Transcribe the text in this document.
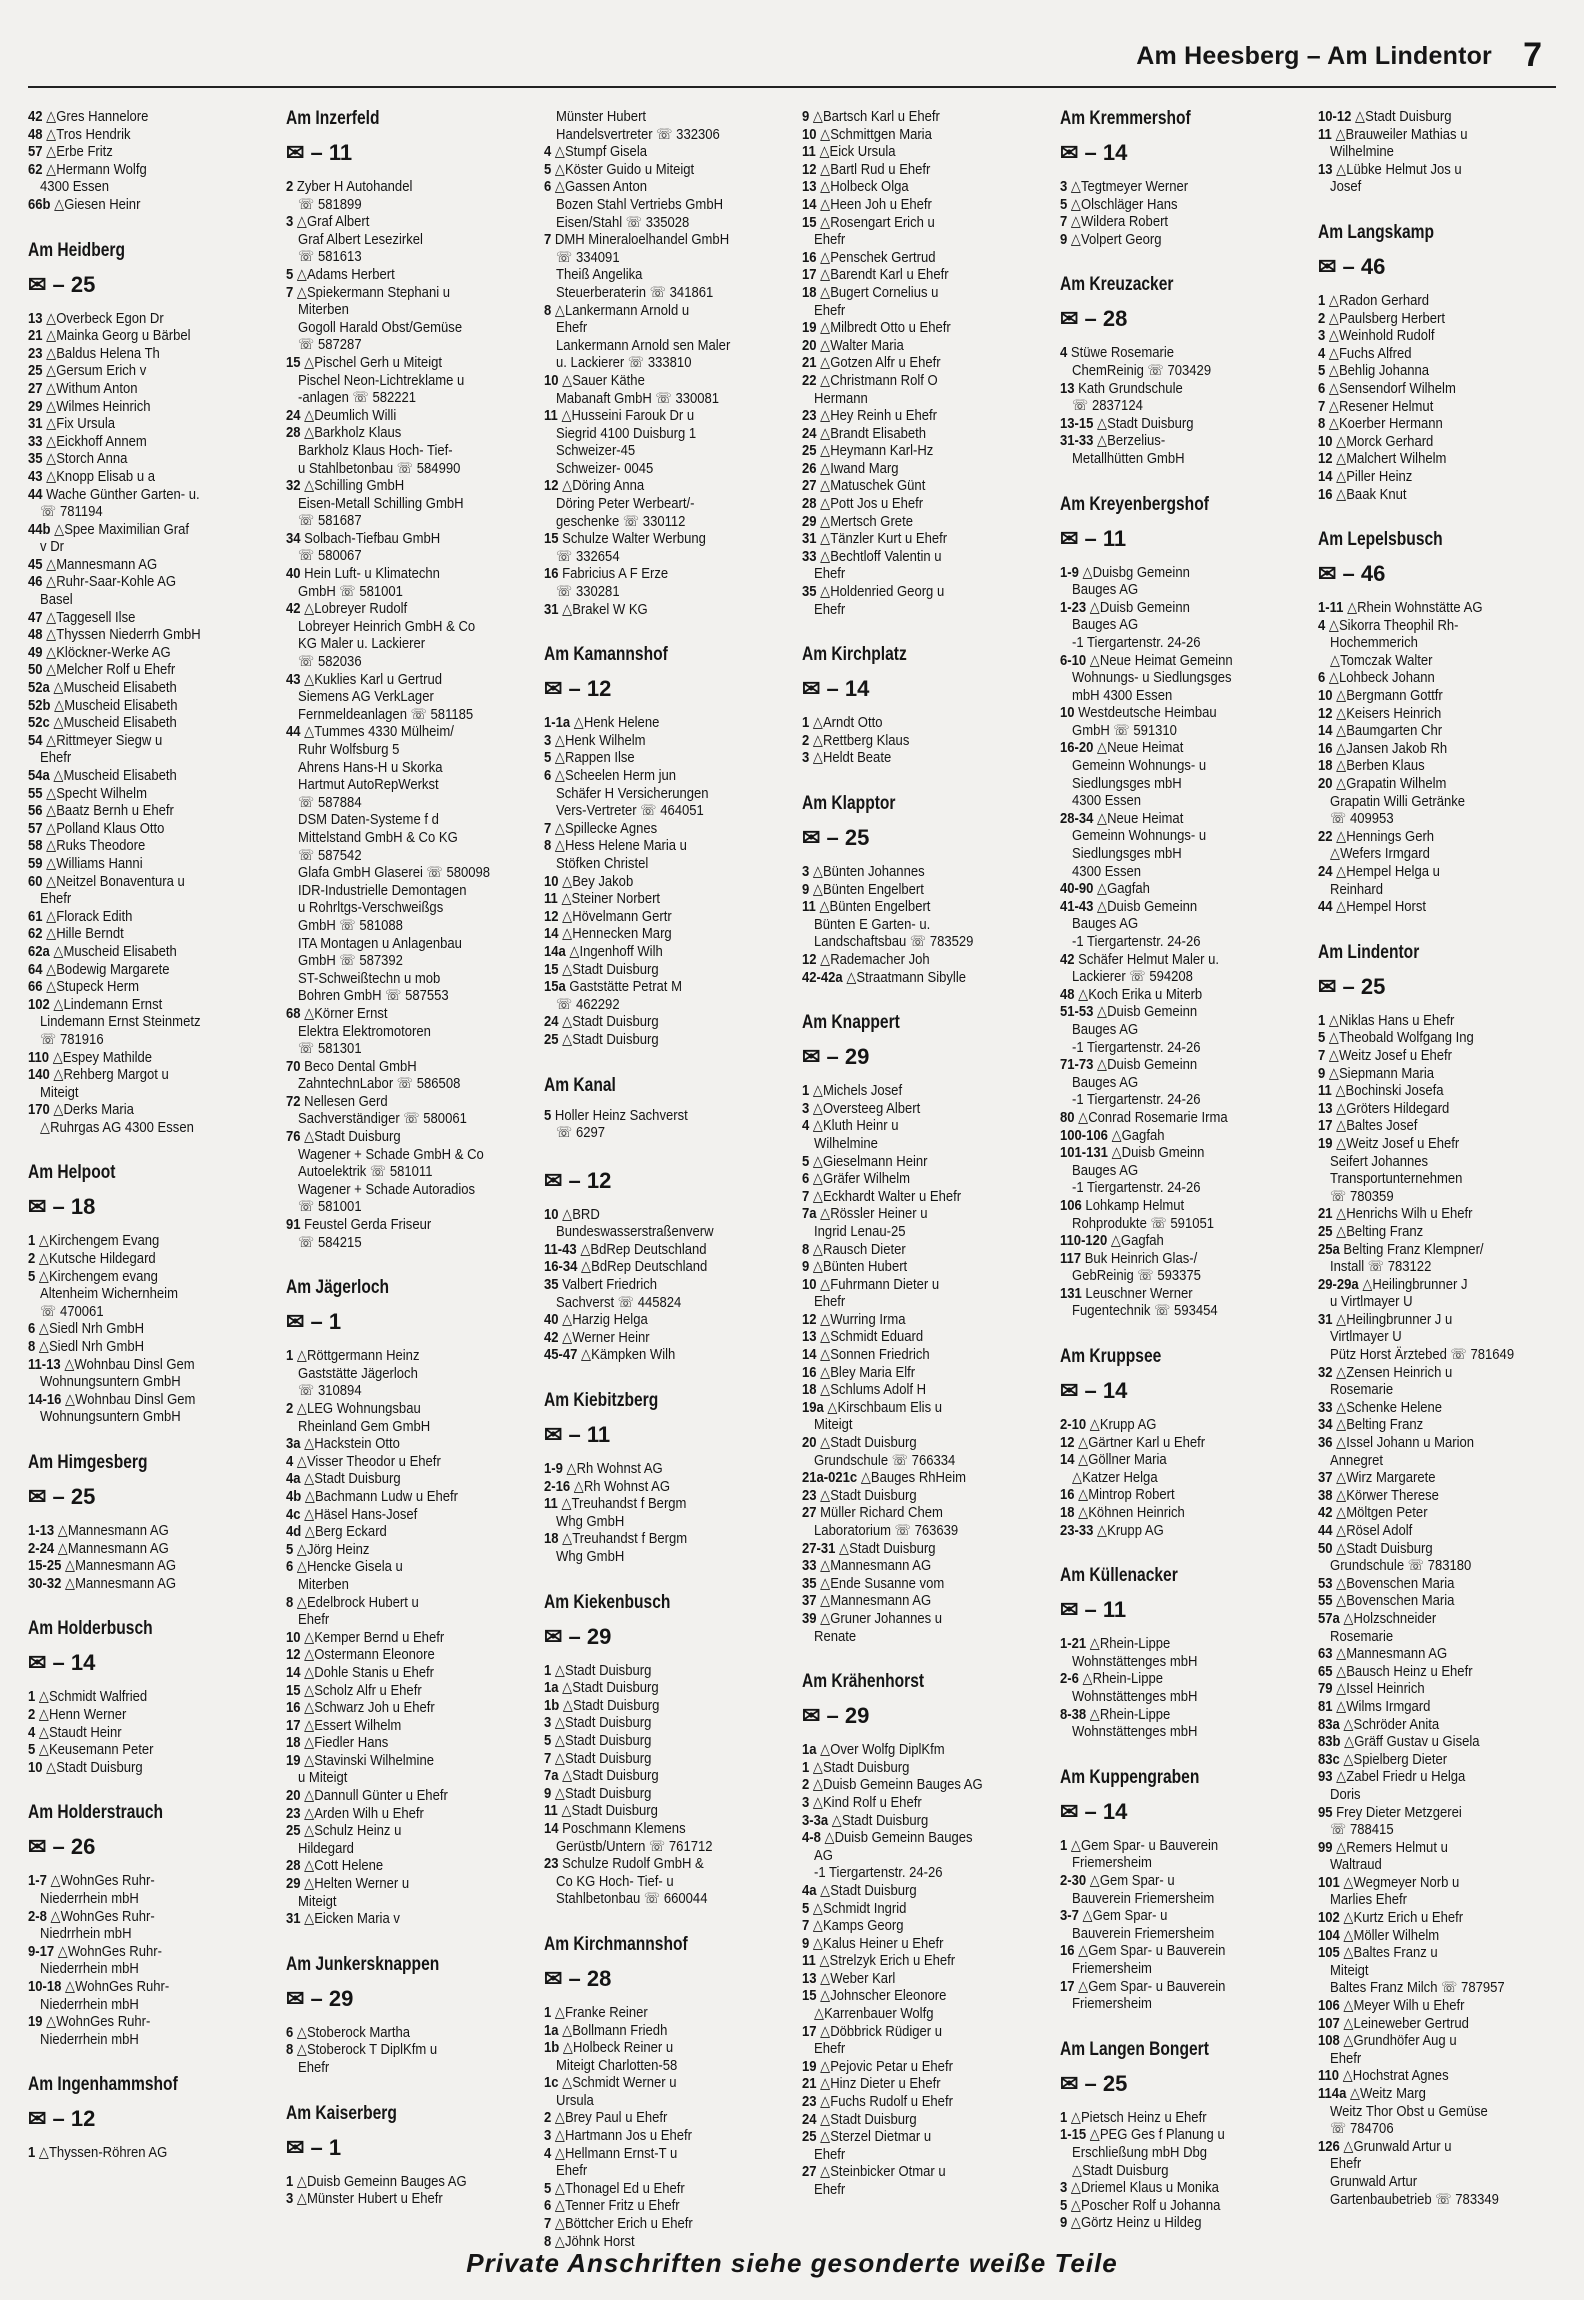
Am Heesberg – Am Lindentor 7
42 △Gres Hannelore
48 △Tros Hendrik
57 △Erbe Fritz
62 △Hermann Wolfg
4300 Essen
66b △Giesen Heinr
Am Heidberg
✉ – 25
13 △Overbeck Egon Dr
21 △Mainka Georg u Bärbel
23 △Baldus Helena Th
25 △Gersum Erich v
27 △Withum Anton
29 △Wilmes Heinrich
31 △Fix Ursula
33 △Eickhoff Annem
35 △Storch Anna
43 △Knopp Elisab u a
44 Wache Günther Garten- u.
☏ 781194
44b △Spee Maximilian Graf
v Dr
45 △Mannesmann AG
46 △Ruhr-Saar-Kohle AG
Basel
47 △Taggesell Ilse
48 △Thyssen Niederrh GmbH
49 △Klöckner-Werke AG
50 △Melcher Rolf u Ehefr
52a △Muscheid Elisabeth
52b △Muscheid Elisabeth
52c △Muscheid Elisabeth
54 △Rittmeyer Siegw u
Ehefr
54a △Muscheid Elisabeth
55 △Specht Wilhelm
56 △Baatz Bernh u Ehefr
57 △Polland Klaus Otto
58 △Ruks Theodore
59 △Williams Hanni
60 △Neitzel Bonaventura u
Ehefr
61 △Florack Edith
62 △Hille Berndt
62a △Muscheid Elisabeth
64 △Bodewig Margarete
66 △Stupeck Herm
102 △Lindemann Ernst
Lindemann Ernst Steinmetz
☏ 781916
110 △Espey Mathilde
140 △Rehberg Margot u
Miteigt
170 △Derks Maria
△Ruhrgas AG 4300 Essen
Am Helpoot
✉ – 18
1 △Kirchengem Evang
2 △Kutsche Hildegard
5 △Kirchengem evang
Altenheim Wichernheim
☏ 470061
6 △Siedl Nrh GmbH
8 △Siedl Nrh GmbH
11-13 △Wohnbau Dinsl Gem
Wohnungsuntern GmbH
14-16 △Wohnbau Dinsl Gem
Wohnungsuntern GmbH
Am Himgesberg
✉ – 25
1-13 △Mannesmann AG
2-24 △Mannesmann AG
15-25 △Mannesmann AG
30-32 △Mannesmann AG
Am Holderbusch
✉ – 14
1 △Schmidt Walfried
2 △Henn Werner
4 △Staudt Heinr
5 △Keusemann Peter
10 △Stadt Duisburg
Am Holderstrauch
✉ – 26
1-7 △WohnGes Ruhr-
Niederrhein mbH
2-8 △WohnGes Ruhr-
Niedrrhein mbH
9-17 △WohnGes Ruhr-
Niederrhein mbH
10-18 △WohnGes Ruhr-
Niederrhein mbH
19 △WohnGes Ruhr-
Niederrhein mbH
Am Ingenhammshof
✉ – 12
1 △Thyssen-Röhren AG
Am Inzerfeld
✉ – 11
2 Zyber H Autohandel
☏ 581899
3 △Graf Albert
Graf Albert Lesezirkel
☏ 581613
5 △Adams Herbert
7 △Spiekermann Stephani u
Miterben
Gogoll Harald Obst/Gemüse
☏ 587287
15 △Pischel Gerh u Miteigt
Pischel Neon-Lichtreklame u
-anlagen ☏ 582221
24 △Deumlich Willi
28 △Barkholz Klaus
Barkholz Klaus Hoch- Tief-
u Stahlbetonbau ☏ 584990
32 △Schilling GmbH
Eisen-Metall Schilling GmbH
☏ 581687
34 Solbach-Tiefbau GmbH
☏ 580067
40 Hein Luft- u Klimatechn
GmbH ☏ 581001
42 △Lobreyer Rudolf
Lobreyer Heinrich GmbH & Co
KG Maler u. Lackierer
☏ 582036
43 △Kuklies Karl u Gertrud
Siemens AG VerkLager
Fernmeldeanlagen ☏ 581185
44 △Tummes 4330 Mülheim/
Ruhr Wolfsburg 5
Ahrens Hans-H u Skorka
Hartmut AutoRepWerkst
☏ 587884
DSM Daten-Systeme f d
Mittelstand GmbH & Co KG
☏ 587542
Glafa GmbH Glaserei ☏ 580098
IDR-Industrielle Demontagen
u Rohrltgs-Verschweißgs
GmbH ☏ 581088
ITA Montagen u Anlagenbau
GmbH ☏ 587392
ST-Schweißtechn u mob
Bohren GmbH ☏ 587553
68 △Körner Ernst
Elektra Elektromotoren
☏ 581301
70 Beco Dental GmbH
ZahntechnLabor ☏ 586508
72 Nellesen Gerd
Sachverständiger ☏ 580061
76 △Stadt Duisburg
Wagener + Schade GmbH & Co
Autoelektrik ☏ 581011
Wagener + Schade Autoradios
☏ 581001
91 Feustel Gerda Friseur
☏ 584215
Am Jägerloch
✉ – 1
1 △Röttgermann Heinz
Gaststätte Jägerloch
☏ 310894
2 △LEG Wohnungsbau
Rheinland Gem GmbH
3a △Hackstein Otto
4 △Visser Theodor u Ehefr
4a △Stadt Duisburg
4b △Bachmann Ludw u Ehefr
4c △Häsel Hans-Josef
4d △Berg Eckard
5 △Jörg Heinz
6 △Hencke Gisela u
Miterben
8 △Edelbrock Hubert u
Ehefr
10 △Kemper Bernd u Ehefr
12 △Ostermann Eleonore
14 △Dohle Stanis u Ehefr
15 △Scholz Alfr u Ehefr
16 △Schwarz Joh u Ehefr
17 △Essert Wilhelm
18 △Fiedler Hans
19 △Stavinski Wilhelmine
u Miteigt
20 △Dannull Günter u Ehefr
23 △Arden Wilh u Ehefr
25 △Schulz Heinz u
Hildegard
28 △Cott Helene
29 △Helten Werner u
Miteigt
31 △Eicken Maria v
Am Junkersknappen
✉ – 29
6 △Stoberock Martha
8 △Stoberock T DiplKfm u
Ehefr
Am Kaiserberg
✉ – 1
1 △Duisb Gemeinn Bauges AG
3 △Münster Hubert u Ehefr
Münster Hubert
Handelsvertreter ☏ 332306
4 △Stumpf Gisela
5 △Köster Guido u Miteigt
6 △Gassen Anton
Bozen Stahl Vertriebs GmbH
Eisen/Stahl ☏ 335028
7 DMH Mineraloelhandel GmbH
☏ 334091
Theiß Angelika
Steuerberaterin ☏ 341861
8 △Lankermann Arnold u
Ehefr
Lankermann Arnold sen Maler
u. Lackierer ☏ 333810
10 △Sauer Käthe
Mabanaft GmbH ☏ 330081
11 △Husseini Farouk Dr u
Siegrid 4100 Duisburg 1
Schweizer-45
Schweizer- 0045
12 △Döring Anna
Döring Peter Werbeart/-
geschenke ☏ 330112
15 Schulze Walter Werbung
☏ 332654
16 Fabricius A F Erze
☏ 330281
31 △Brakel W KG
Am Kamannshof
✉ – 12
1-1a △Henk Helene
3 △Henk Wilhelm
5 △Rappen Ilse
6 △Scheelen Herm jun
Schäfer H Versicherungen
Vers-Vertreter ☏ 464051
7 △Spillecke Agnes
8 △Hess Helene Maria u
Stöfken Christel
10 △Bey Jakob
11 △Steiner Norbert
12 △Hövelmann Gertr
14 △Hennecken Marg
14a △Ingenhoff Wilh
15 △Stadt Duisburg
15a Gaststätte Petrat M
☏ 462292
24 △Stadt Duisburg
25 △Stadt Duisburg
Am Kanal
5 Holler Heinz Sachverst
☏ 6297
✉ – 12
10 △BRD
Bundeswasserstraßenverw
11-43 △BdRep Deutschland
16-34 △BdRep Deutschland
35 Valbert Friedrich
Sachverst ☏ 445824
40 △Harzig Helga
42 △Werner Heinr
45-47 △Kämpken Wilh
Am Kiebitzberg
✉ – 11
1-9 △Rh Wohnst AG
2-16 △Rh Wohnst AG
11 △Treuhandst f Bergm
Whg GmbH
18 △Treuhandst f Bergm
Whg GmbH
Am Kiekenbusch
✉ – 29
1 △Stadt Duisburg
1a △Stadt Duisburg
1b △Stadt Duisburg
3 △Stadt Duisburg
5 △Stadt Duisburg
7 △Stadt Duisburg
7a △Stadt Duisburg
9 △Stadt Duisburg
11 △Stadt Duisburg
14 Poschmann Klemens
Gerüstb/Untern ☏ 761712
23 Schulze Rudolf GmbH &
Co KG Hoch- Tief- u
Stahlbetonbau ☏ 660044
Am Kirchmannshof
✉ – 28
1 △Franke Reiner
1a △Bollmann Friedh
1b △Holbeck Reiner u
Miteigt Charlotten-58
1c △Schmidt Werner u
Ursula
2 △Brey Paul u Ehefr
3 △Hartmann Jos u Ehefr
4 △Hellmann Ernst-T u
Ehefr
5 △Thonagel Ed u Ehefr
6 △Tenner Fritz u Ehefr
7 △Böttcher Erich u Ehefr
8 △Jöhnk Horst
9 △Bartsch Karl u Ehefr
10 △Schmittgen Maria
11 △Eick Ursula
12 △Bartl Rud u Ehefr
13 △Holbeck Olga
14 △Heen Joh u Ehefr
15 △Rosengart Erich u
Ehefr
16 △Penschek Gertrud
17 △Barendt Karl u Ehefr
18 △Bugert Cornelius u
Ehefr
19 △Milbredt Otto u Ehefr
20 △Walter Maria
21 △Gotzen Alfr u Ehefr
22 △Christmann Rolf O
Hermann
23 △Hey Reinh u Ehefr
24 △Brandt Elisabeth
25 △Heymann Karl-Hz
26 △Iwand Marg
27 △Matuschek Günt
28 △Pott Jos u Ehefr
29 △Mertsch Grete
31 △Tänzler Kurt u Ehefr
33 △Bechtloff Valentin u
Ehefr
35 △Holdenried Georg u
Ehefr
Am Kirchplatz
✉ – 14
1 △Arndt Otto
2 △Rettberg Klaus
3 △Heldt Beate
Am Klapptor
✉ – 25
3 △Bünten Johannes
9 △Bünten Engelbert
11 △Bünten Engelbert
Bünten E Garten- u.
Landschaftsbau ☏ 783529
12 △Rademacher Joh
42-42a △Straatmann Sibylle
Am Knappert
✉ – 29
1 △Michels Josef
3 △Oversteeg Albert
4 △Kluth Heinr u
Wilhelmine
5 △Gieselmann Heinr
6 △Gräfer Wilhelm
7 △Eckhardt Walter u Ehefr
7a △Rössler Heiner u
Ingrid Lenau-25
8 △Rausch Dieter
9 △Bünten Hubert
10 △Fuhrmann Dieter u
Ehefr
12 △Wurring Irma
13 △Schmidt Eduard
14 △Sonnen Friedrich
16 △Bley Maria Elfr
18 △Schlums Adolf H
19a △Kirschbaum Elis u
Miteigt
20 △Stadt Duisburg
Grundschule ☏ 766334
21a-021c △Bauges RhHeim
23 △Stadt Duisburg
27 Müller Richard Chem
Laboratorium ☏ 763639
27-31 △Stadt Duisburg
33 △Mannesmann AG
35 △Ende Susanne vom
37 △Mannesmann AG
39 △Gruner Johannes u
Renate
Am Krähenhorst
✉ – 29
1a △Over Wolfg DiplKfm
1 △Stadt Duisburg
2 △Duisb Gemeinn Bauges AG
3 △Kind Rolf u Ehefr
3-3a △Stadt Duisburg
4-8 △Duisb Gemeinn Bauges
AG
-1 Tiergartenstr. 24-26
4a △Stadt Duisburg
5 △Schmidt Ingrid
7 △Kamps Georg
9 △Kalus Heiner u Ehefr
11 △Strelzyk Erich u Ehefr
13 △Weber Karl
15 △Johnscher Eleonore
△Karrenbauer Wolfg
17 △Döbbrick Rüdiger u
Ehefr
19 △Pejovic Petar u Ehefr
21 △Hinz Dieter u Ehefr
23 △Fuchs Rudolf u Ehefr
24 △Stadt Duisburg
25 △Sterzel Dietmar u
Ehefr
27 △Steinbicker Otmar u
Ehefr
Am Kremmershof
✉ – 14
3 △Tegtmeyer Werner
5 △Olschläger Hans
7 △Wildera Robert
9 △Volpert Georg
Am Kreuzacker
✉ – 28
4 Stüwe Rosemarie
ChemReinig ☏ 703429
13 Kath Grundschule
☏ 2837124
13-15 △Stadt Duisburg
31-33 △Berzelius-
Metallhütten GmbH
Am Kreyenbergshof
✉ – 11
1-9 △Duisbg Gemeinn
Bauges AG
1-23 △Duisb Gemeinn
Bauges AG
-1 Tiergartenstr. 24-26
6-10 △Neue Heimat Gemeinn
Wohnungs- u Siedlungsges
mbH 4300 Essen
10 Westdeutsche Heimbau
GmbH ☏ 591310
16-20 △Neue Heimat
Gemeinn Wohnungs- u
Siedlungsges mbH
4300 Essen
28-34 △Neue Heimat
Gemeinn Wohnungs- u
Siedlungsges mbH
4300 Essen
40-90 △Gagfah
41-43 △Duisb Gemeinn
Bauges AG
-1 Tiergartenstr. 24-26
42 Schäfer Helmut Maler u.
Lackierer ☏ 594208
48 △Koch Erika u Miterb
51-53 △Duisb Gemeinn
Bauges AG
-1 Tiergartenstr. 24-26
71-73 △Duisb Gemeinn
Bauges AG
-1 Tiergartenstr. 24-26
80 △Conrad Rosemarie Irma
100-106 △Gagfah
101-131 △Duisb Gmeinn
Bauges AG
-1 Tiergartenstr. 24-26
106 Lohkamp Helmut
Rohprodukte ☏ 591051
110-120 △Gagfah
117 Buk Heinrich Glas-/
GebReinig ☏ 593375
131 Leuschner Werner
Fugentechnik ☏ 593454
Am Kruppsee
✉ – 14
2-10 △Krupp AG
12 △Gärtner Karl u Ehefr
14 △Göllner Maria
△Katzer Helga
16 △Mintrop Robert
18 △Köhnen Heinrich
23-33 △Krupp AG
Am Küllenacker
✉ – 11
1-21 △Rhein-Lippe
Wohnstättenges mbH
2-6 △Rhein-Lippe
Wohnstättenges mbH
8-38 △Rhein-Lippe
Wohnstättenges mbH
Am Kuppengraben
✉ – 14
1 △Gem Spar- u Bauverein
Friemersheim
2-30 △Gem Spar- u
Bauverein Friemersheim
3-7 △Gem Spar- u
Bauverein Friemersheim
16 △Gem Spar- u Bauverein
Friemersheim
17 △Gem Spar- u Bauverein
Friemersheim
Am Langen Bongert
✉ – 25
1 △Pietsch Heinz u Ehefr
1-15 △PEG Ges f Planung u
Erschließung mbH Dbg
△Stadt Duisburg
3 △Driemel Klaus u Monika
5 △Poscher Rolf u Johanna
9 △Görtz Heinz u Hildeg
10-12 △Stadt Duisburg
11 △Brauweiler Mathias u
Wilhelmine
13 △Lübke Helmut Jos u
Josef
Am Langskamp
✉ – 46
1 △Radon Gerhard
2 △Paulsberg Herbert
3 △Weinhold Rudolf
4 △Fuchs Alfred
5 △Behlig Johanna
6 △Sensendorf Wilhelm
7 △Resener Helmut
8 △Koerber Hermann
10 △Morck Gerhard
12 △Malchert Wilhelm
14 △Piller Heinz
16 △Baak Knut
Am Lepelsbusch
✉ – 46
1-11 △Rhein Wohnstätte AG
4 △Sikorra Theophil Rh-
Hochemmerich
△Tomczak Walter
6 △Lohbeck Johann
10 △Bergmann Gottfr
12 △Keisers Heinrich
14 △Baumgarten Chr
16 △Jansen Jakob Rh
18 △Berben Klaus
20 △Grapatin Wilhelm
Grapatin Willi Getränke
☏ 409953
22 △Hennings Gerh
△Wefers Irmgard
24 △Hempel Helga u
Reinhard
44 △Hempel Horst
Am Lindentor
✉ – 25
1 △Niklas Hans u Ehefr
5 △Theobald Wolfgang Ing
7 △Weitz Josef u Ehefr
9 △Siepmann Maria
11 △Bochinski Josefa
13 △Gröters Hildegard
17 △Baltes Josef
19 △Weitz Josef u Ehefr
Seifert Johannes
Transportunternehmen
☏ 780359
21 △Henrichs Wilh u Ehefr
25 △Belting Franz
25a Belting Franz Klempner/
Install ☏ 783122
29-29a △Heilingbrunner J
u Virtlmayer U
31 △Heilingbrunner J u
Virtlmayer U
Pütz Horst Ärztebed ☏ 781649
32 △Zensen Heinrich u
Rosemarie
33 △Schenke Helene
34 △Belting Franz
36 △Issel Johann u Marion
Annegret
37 △Wirz Margarete
38 △Körwer Therese
42 △Möltgen Peter
44 △Rösel Adolf
50 △Stadt Duisburg
Grundschule ☏ 783180
53 △Bovenschen Maria
55 △Bovenschen Maria
57a △Holzschneider
Rosemarie
63 △Mannesmann AG
65 △Bausch Heinz u Ehefr
79 △Issel Heinrich
81 △Wilms Irmgard
83a △Schröder Anita
83b △Gräff Gustav u Gisela
83c △Spielberg Dieter
93 △Zabel Friedr u Helga
Doris
95 Frey Dieter Metzgerei
☏ 788415
99 △Remers Helmut u
Waltraud
101 △Wegmeyer Norb u
Marlies Ehefr
102 △Kurtz Erich u Ehefr
104 △Möller Wilhelm
105 △Baltes Franz u
Miteigt
Baltes Franz Milch ☏ 787957
106 △Meyer Wilh u Ehefr
107 △Leineweber Gertrud
108 △Grundhöfer Aug u
Ehefr
110 △Hochstrat Agnes
114a △Weitz Marg
Weitz Thor Obst u Gemüse
☏ 784706
126 △Grunwald Artur u
Ehefr
Grunwald Artur
Gartenbaubetrieb ☏ 783349
Private Anschriften siehe gesonderte weiße Teile
